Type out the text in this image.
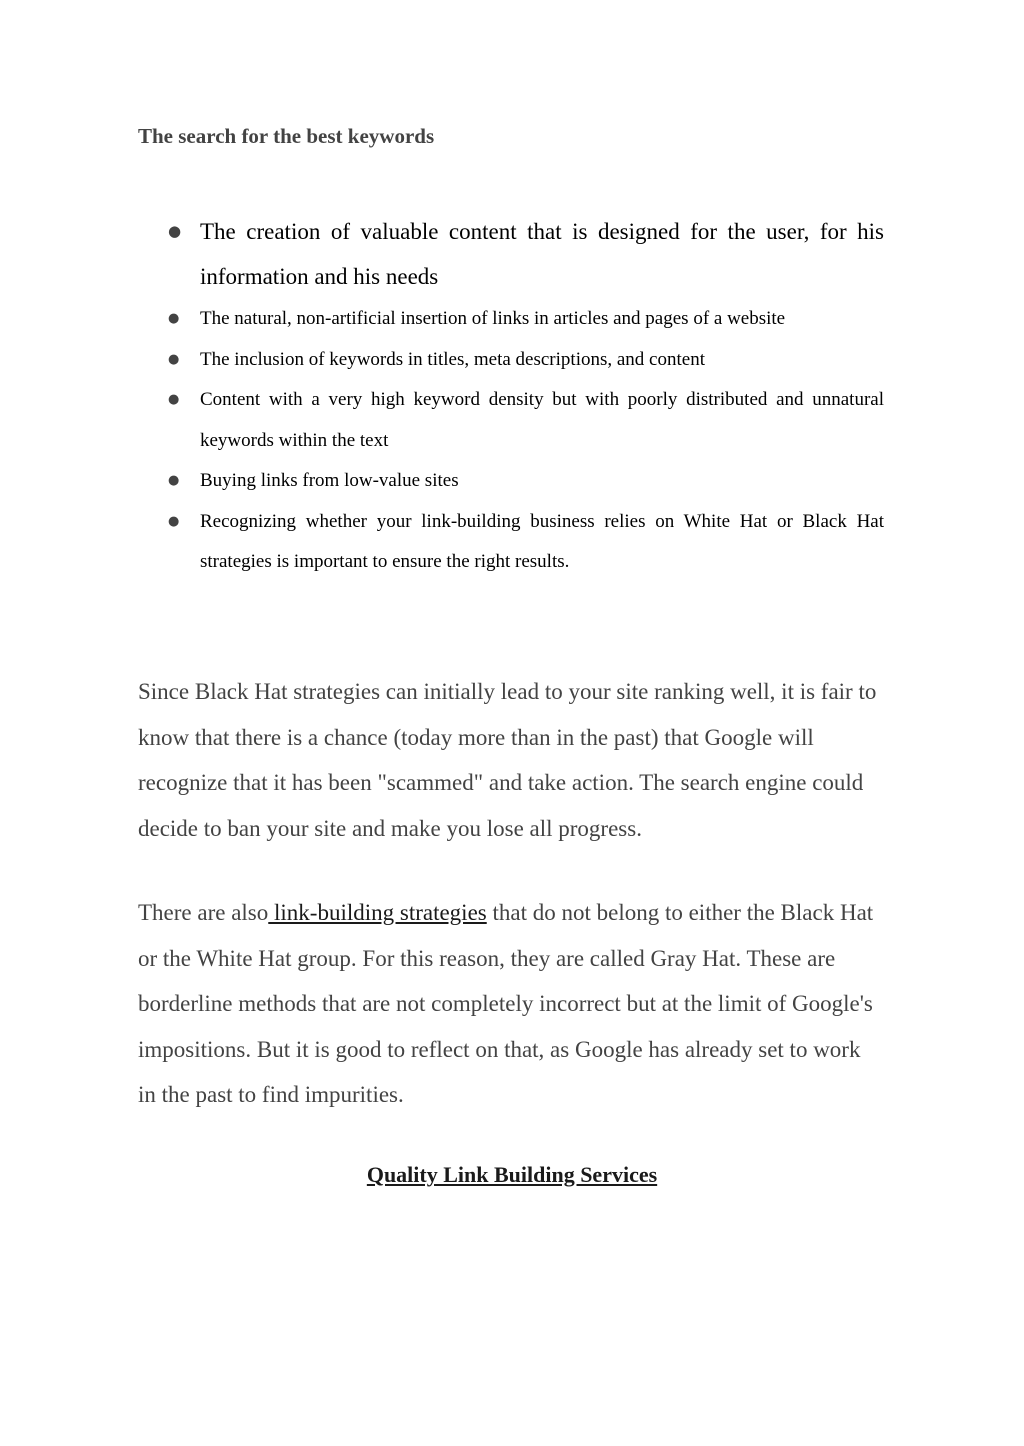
The search for the best keywords
● The creation of valuable content that is designed for the user, for his information and his needs
● The natural, non-artificial insertion of links in articles and pages of a website
● The inclusion of keywords in titles, meta descriptions, and content
● Content with a very high keyword density but with poorly distributed and unnatural keywords within the text
● Buying links from low-value sites
● Recognizing whether your link-building business relies on White Hat or Black Hat strategies is important to ensure the right results.

Since Black Hat strategies can initially lead to your site ranking well, it is fair to know that there is a chance (today more than in the past) that Google will recognize that it has been "scammed" and take action. The search engine could decide to ban your site and make you lose all progress.

There are also link-building strategies that do not belong to either the Black Hat or the White Hat group. For this reason, they are called Gray Hat. These are borderline methods that are not completely incorrect but at the limit of Google's impositions. But it is good to reflect on that, as Google has already set to work in the past to find impurities.

Quality Link Building Services
